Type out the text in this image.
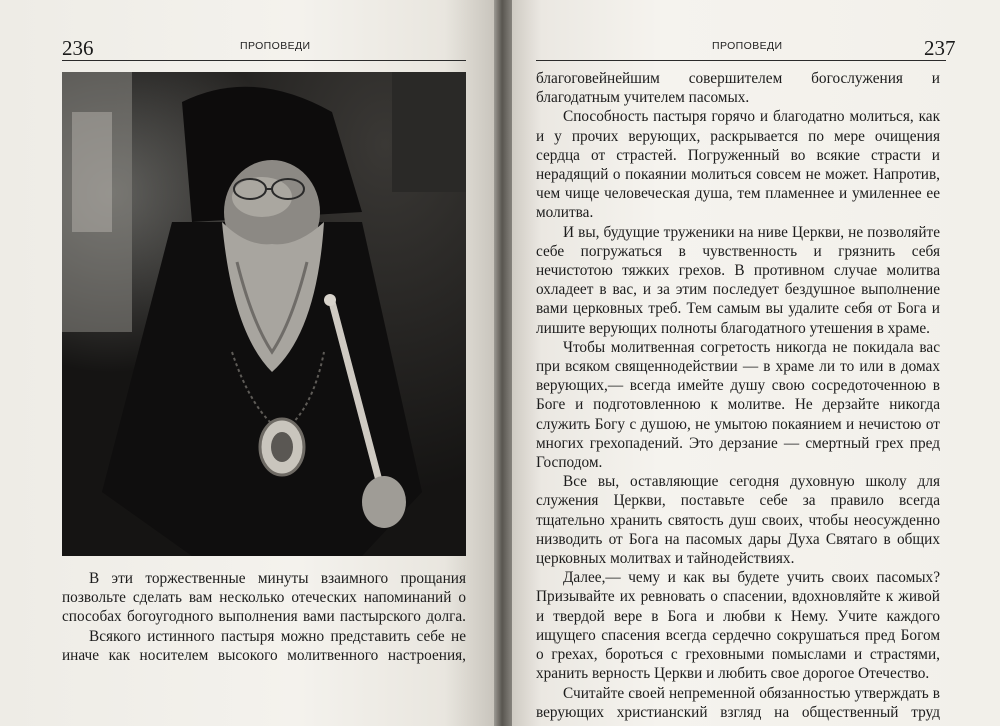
236	ПРОПОВЕДИ

В эти торжественные минуты взаимного прощания позвольте сделать вам несколько отеческих напоминаний о способах богоугодного выполнения вами пастырского долга.

Всякого истинного пастыря можно представить себе не иначе как носителем высокого молитвенного настроения,

ПРОПОВЕДИ	237

благоговейнейшим совершителем богослужения и благодатным учителем пасомых.

Способность пастыря горячо и благодатно молиться, как и у прочих верующих, раскрывается по мере очищения сердца от страстей. Погруженный во всякие страсти и нерадящий о покаянии молиться совсем не может. Напротив, чем чище человеческая душа, тем пламеннее и умиленнее ее молитва.

И вы, будущие труженики на ниве Церкви, не позволяйте себе погружаться в чувственность и грязнить себя нечистотою тяжких грехов. В противном случае молитва охладеет в вас, и за этим последует бездушное выполнение вами церковных треб. Тем самым вы удалите себя от Бога и лишите верующих полноты благодатного утешения в храме.

Чтобы молитвенная согретость никогда не покидала вас при всяком священнодействии — в храме ли то или в домах верующих,— всегда имейте душу свою сосредоточенною в Боге и подготовленною к молитве. Не дерзайте никогда служить Богу с душою, не умытою покаянием и нечистою от многих грехопадений. Это дерзание — смертный грех пред Господом.

Все вы, оставляющие сегодня духовную школу для служения Церкви, поставьте себе за правило всегда тщательно хранить святость душ своих, чтобы неосужденно низводить от Бога на пасомых дары Духа Святаго в общих церковных молитвах и тайнодействиях.

Далее,— чему и как вы будете учить своих пасомых? Призывайте их ревновать о спасении, вдохновляйте к живой и твердой вере в Бога и любви к Нему. Учите каждого ищущего спасения всегда сердечно сокрушаться пред Богом о грехах, бороться с греховными помыслами и страстями, хранить верность Церкви и любить свое дорогое Отечество.

Считайте своей непременной обязанностью утверждать в верующих христианский взгляд на общественный труд
